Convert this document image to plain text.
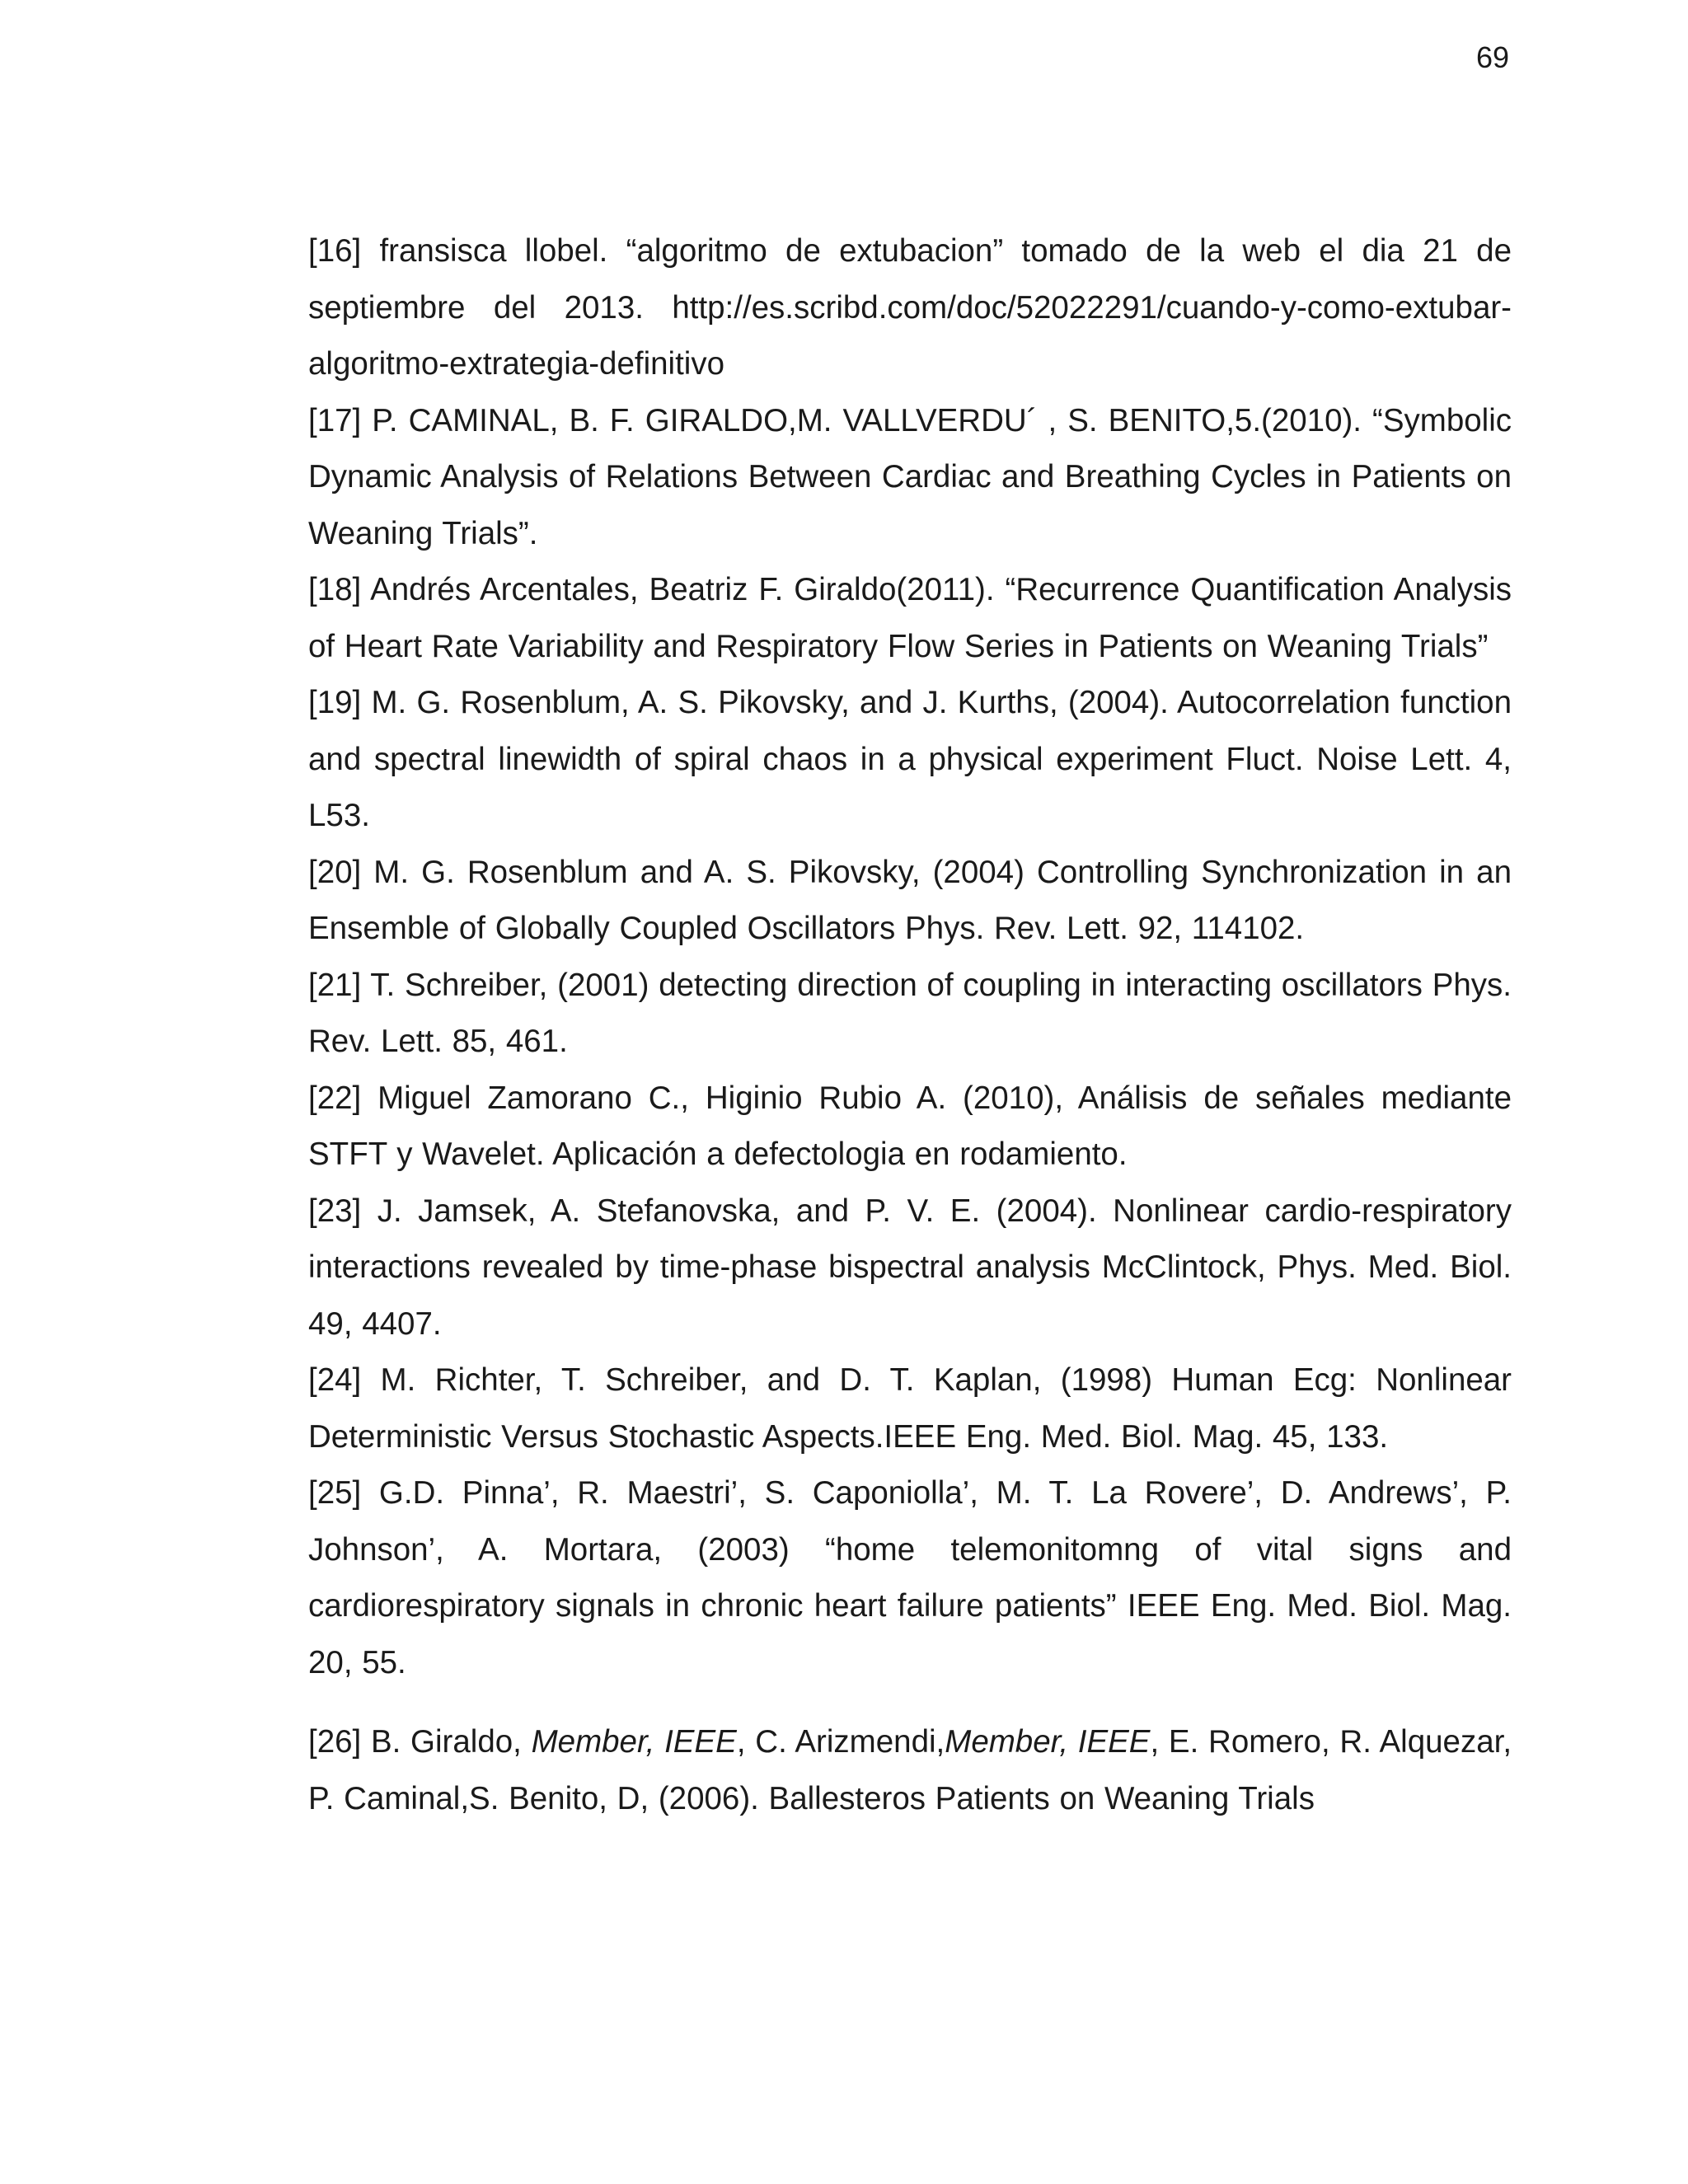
69

[16] fransisca llobel. “algoritmo de extubacion” tomado de la web el dia 21 de septiembre del 2013. http://es.scribd.com/doc/52022291/cuando-y-como-extubar-algoritmo-extrategia-definitivo

[17] P. CAMINAL, B. F. GIRALDO,M. VALLVERDU´ , S. BENITO,5.(2010). “Symbolic Dynamic Analysis of Relations Between Cardiac and Breathing Cycles in Patients on Weaning Trials”.

[18] Andrés Arcentales, Beatriz F. Giraldo(2011). “Recurrence Quantification Analysis of Heart Rate Variability and Respiratory Flow Series in Patients on Weaning Trials”

[19] M. G. Rosenblum, A. S. Pikovsky, and J. Kurths, (2004). Autocorrelation function and spectral linewidth of spiral chaos in a physical experiment Fluct. Noise Lett. 4, L53.

[20] M. G. Rosenblum and A. S. Pikovsky, (2004) Controlling Synchronization in an Ensemble of Globally Coupled Oscillators Phys. Rev. Lett. 92, 114102.

[21] T. Schreiber, (2001) detecting direction of coupling in interacting oscillators Phys. Rev. Lett. 85, 461.

[22] Miguel Zamorano C., Higinio Rubio A. (2010), Análisis de señales mediante STFT y Wavelet. Aplicación a defectologia en rodamiento.

[23] J. Jamsek, A. Stefanovska, and P. V. E. (2004). Nonlinear cardio-respiratory interactions revealed by time-phase bispectral analysis McClintock, Phys. Med. Biol. 49, 4407.

[24] M. Richter, T. Schreiber, and D. T. Kaplan, (1998) Human Ecg: Nonlinear Deterministic Versus Stochastic Aspects.IEEE Eng. Med. Biol. Mag. 45, 133.

[25] G.D. Pinna’, R. Maestri’, S. Caponiolla’, M. T. La Rovere’, D. Andrews’, P. Johnson’, A. Mortara, (2003) “home telemonitomng of vital signs and cardiorespiratory signals in chronic heart failure patients” IEEE Eng. Med. Biol. Mag. 20, 55.

[26] B. Giraldo, Member, IEEE, C. Arizmendi,Member, IEEE, E. Romero, R. Alquezar, P. Caminal,S. Benito, D, (2006). Ballesteros Patients on Weaning Trials
